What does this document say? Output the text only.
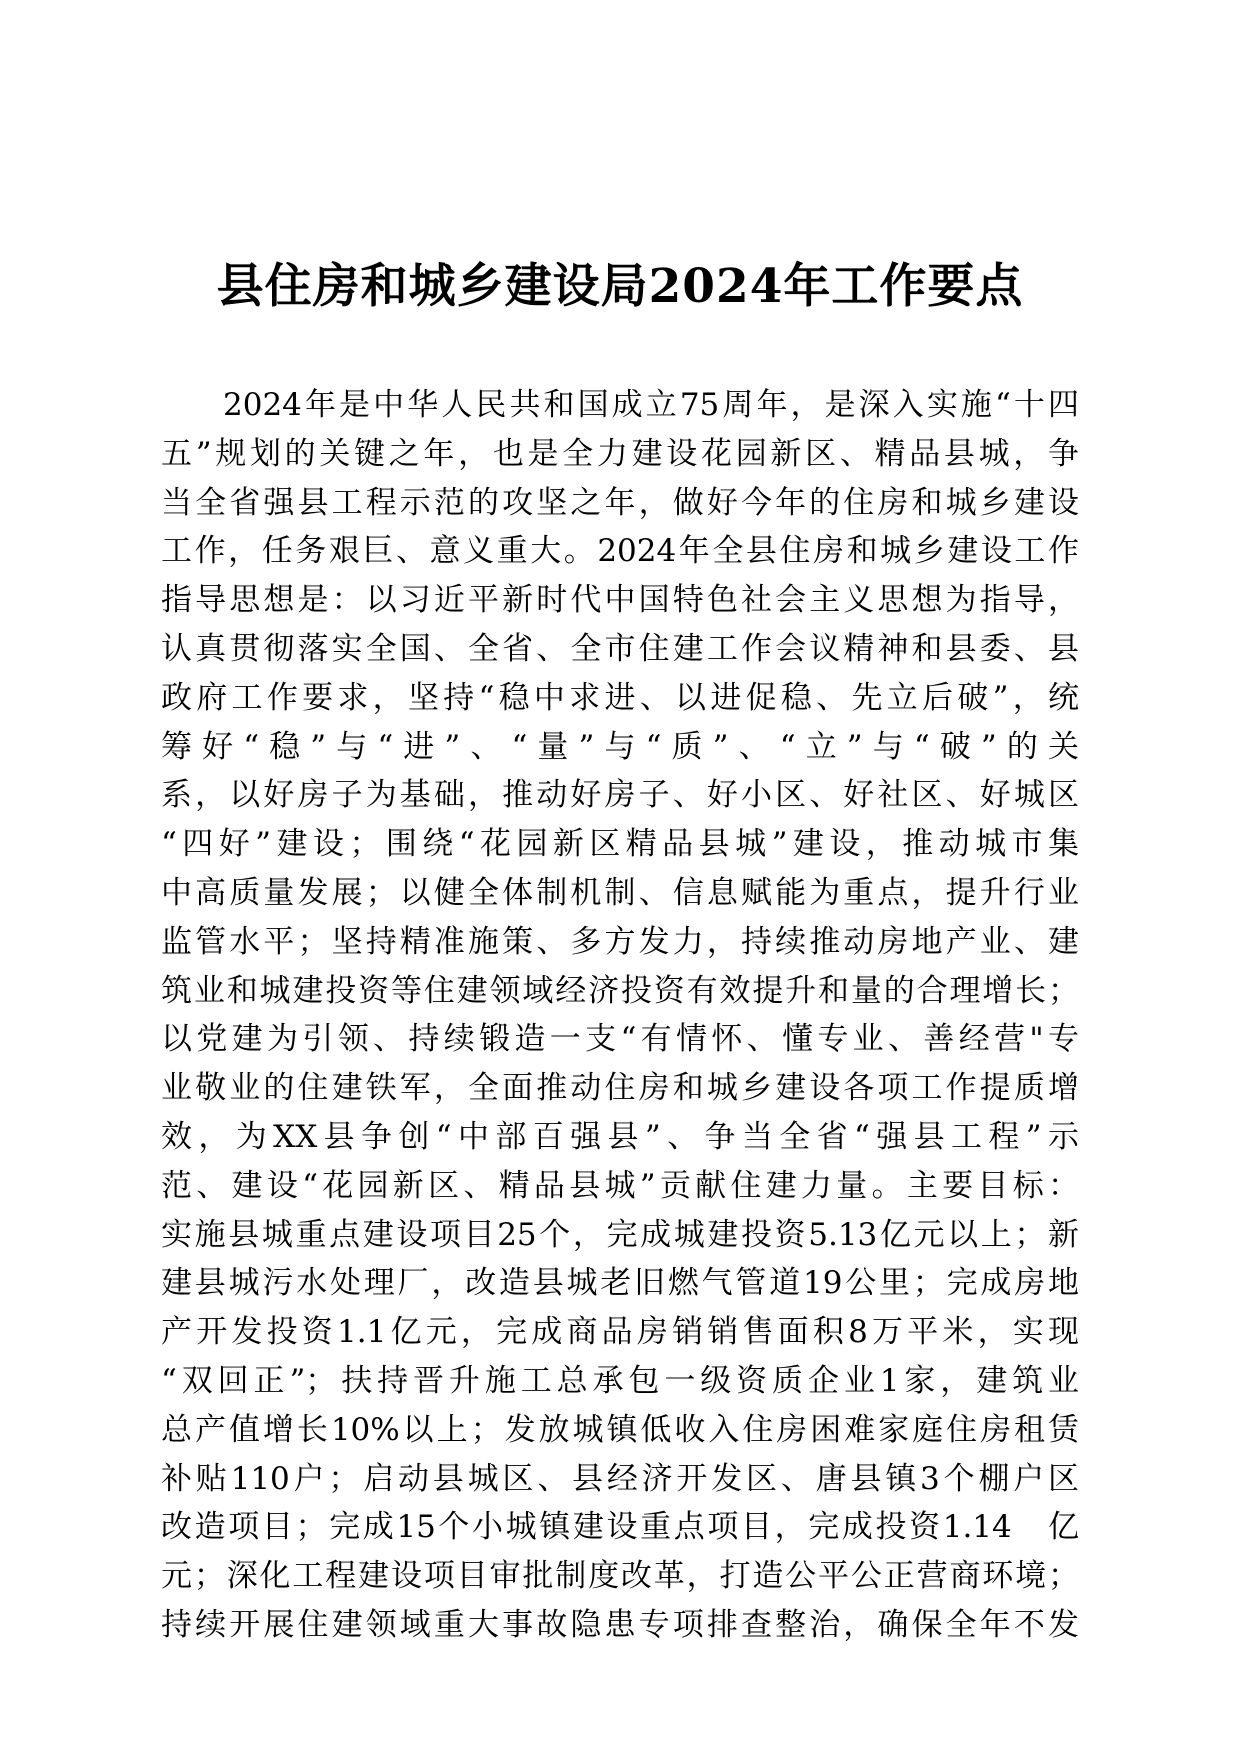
县住房和城乡建设局2024年工作要点
2024年是中华人民共和国成立75周年，是深入实施“十四
五”规划的关键之年，也是全力建设花园新区、精品县城，争
当全省强县工程示范的攻坚之年，做好今年的住房和城乡建设
工作，任务艰巨、意义重大。2024年全县住房和城乡建设工作
指导思想是：以习近平新时代中国特色社会主义思想为指导，
认真贯彻落实全国、全省、全市住建工作会议精神和县委、县
政府工作要求，坚持“稳中求进、以进促稳、先立后破”，统
筹好“稳”与“进”、“量”与“质”、“立”与“破”的关
系，以好房子为基础，推动好房子、好小区、好社区、好城区
“四好”建设；围绕“花园新区精品县城”建设，推动城市集
中高质量发展；以健全体制机制、信息赋能为重点，提升行业
监管水平；坚持精准施策、多方发力，持续推动房地产业、建
筑业和城建投资等住建领域经济投资有效提升和量的合理增长；
以党建为引领、持续锻造一支“有情怀、懂专业、善经营"专
业敬业的住建铁军，全面推动住房和城乡建设各项工作提质增
效，为XX县争创“中部百强县”、争当全省“强县工程”示
范、建设“花园新区、精品县城”贡献住建力量。主要目标：
实施县城重点建设项目25个，完成城建投资5.13亿元以上；新
建县城污水处理厂，改造县城老旧燃气管道19公里；完成房地
产开发投资1.1亿元，完成商品房销销售面积8万平米，实现
“双回正”；扶持晋升施工总承包一级资质企业1家，建筑业
总产值增长10%以上；发放城镇低收入住房困难家庭住房租赁
补贴110户；启动县城区、县经济开发区、唐县镇3个棚户区
改造项目；完成15个小城镇建设重点项目，完成投资1.14　亿
元；深化工程建设项目审批制度改革，打造公平公正营商环境；
持续开展住建领域重大事故隐患专项排查整治，确保全年不发
